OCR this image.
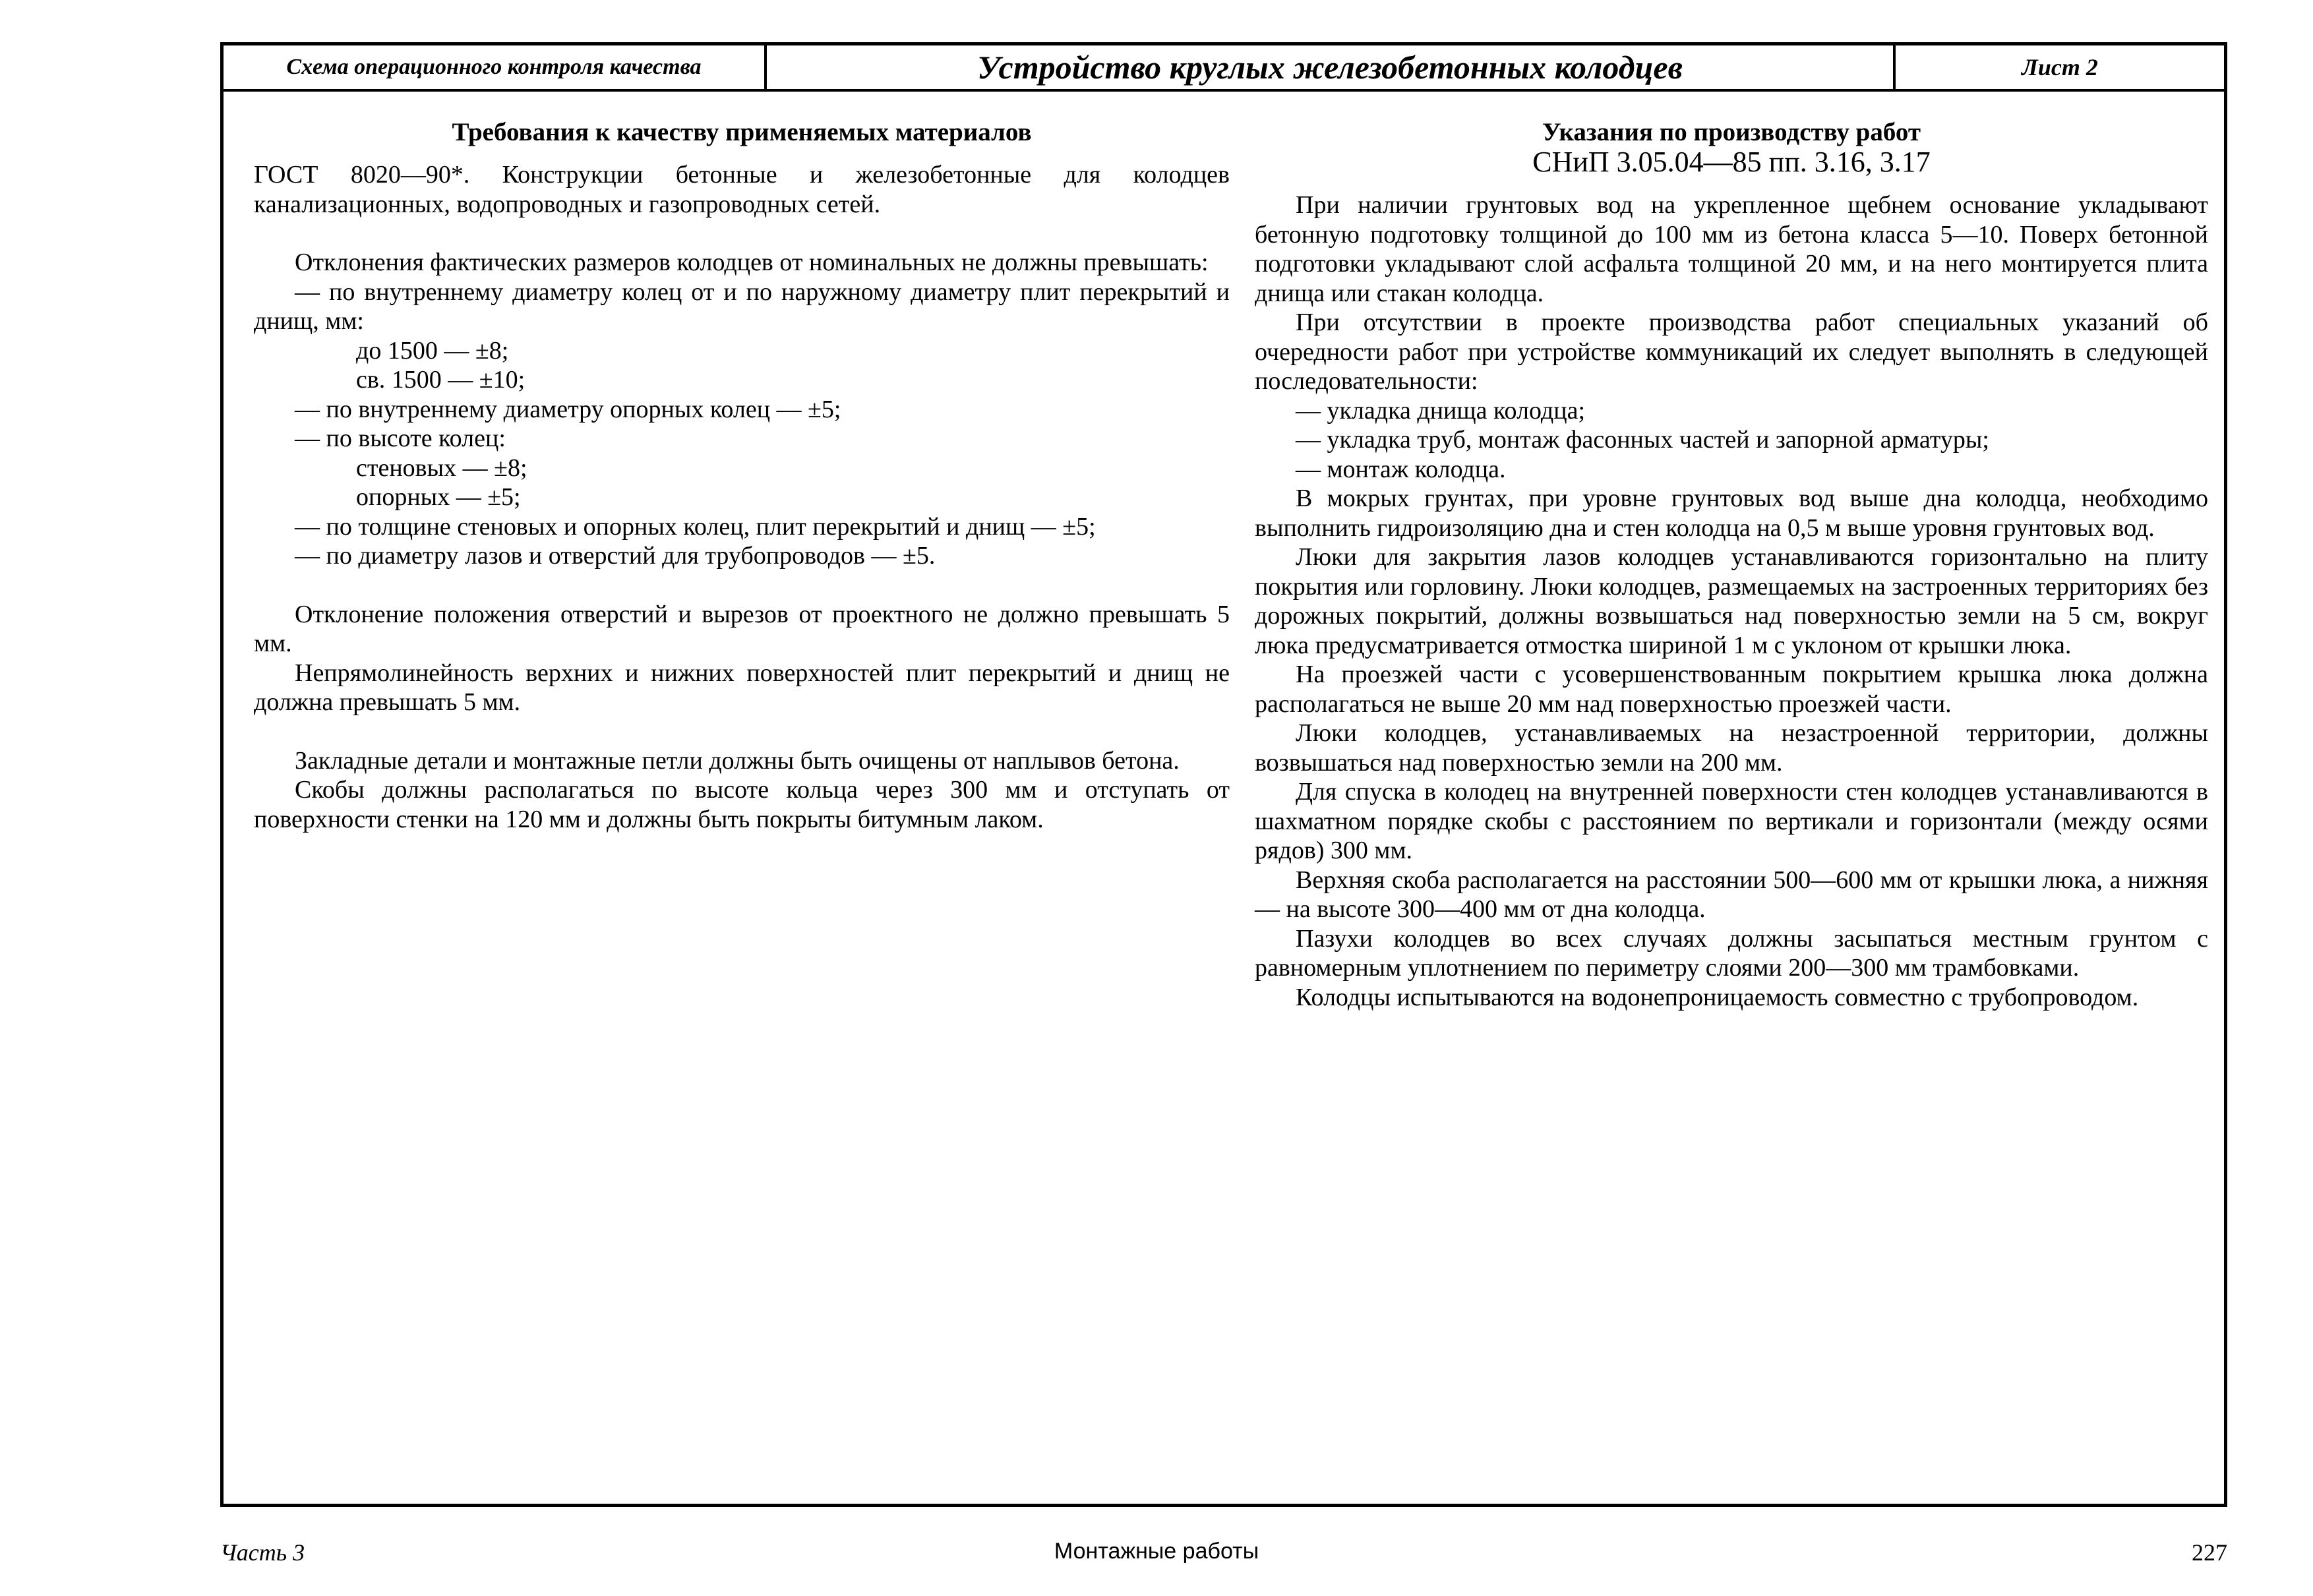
Схема операционного контроля качества	Устройство круглых железобетонных колодцев	Лист 2
Требования к качеству применяемых материалов

ГОСТ 8020—90*. Конструкции бетонные и железобетонные для колодцев канализационных, водопроводных и газопроводных сетей.

Отклонения фактических размеров колодцев от номинальных не должны превышать:

— по внутреннему диаметру колец от и по наружному диаметру плит перекрытий и днищ, мм:

до 1500 — ±8;

св. 1500 — ±10;

— по внутреннему диаметру опорных колец — ±5;

— по высоте колец:

стеновых — ±8;

опорных — ±5;

— по толщине стеновых и опорных колец, плит перекрытий и днищ — ±5;

— по диаметру лазов и отверстий для трубопроводов — ±5.

Отклонение положения отверстий и вырезов от проектного не должно превышать 5 мм.

Непрямолинейность верхних и нижних поверхностей плит перекрытий и днищ не должна превышать 5 мм.

Закладные детали и монтажные петли должны быть очищены от наплывов бетона.

Скобы должны располагаться по высоте кольца через 300 мм и отступать от поверхности стенки на 120 мм и должны быть покрыты битумным лаком.

Указания по производству работ
СНиП 3.05.04—85 пп. 3.16, 3.17

При наличии грунтовых вод на укрепленное щебнем основание укладывают бетонную подготовку толщиной до 100 мм из бетона класса 5—10. Поверх бетонной подготовки укладывают слой асфальта толщиной 20 мм, и на него монтируется плита днища или стакан колодца.

При отсутствии в проекте производства работ специальных указаний об очередности работ при устройстве коммуникаций их следует выполнять в следующей последовательности:

— укладка днища колодца;

— укладка труб, монтаж фасонных частей и запорной арматуры;

— монтаж колодца.

В мокрых грунтах, при уровне грунтовых вод выше дна колодца, необходимо выполнить гидроизоляцию дна и стен колодца на 0,5 м выше уровня грунтовых вод.

Люки для закрытия лазов колодцев устанавливаются горизонтально на плиту покрытия или горловину. Люки колодцев, размещаемых на застроенных территориях без дорожных покрытий, должны возвышаться над поверхностью земли на 5 см, вокруг люка предусматривается отмостка шириной 1 м с уклоном от крышки люка.

На проезжей части с усовершенствованным покрытием крышка люка должна располагаться не выше 20 мм над поверхностью проезжей части.

Люки колодцев, устанавливаемых на незастроенной территории, должны возвышаться над поверхностью земли на 200 мм.

Для спуска в колодец на внутренней поверхности стен колодцев устанавливаются в шахматном порядке скобы с расстоянием по вертикали и горизонтали (между осями рядов) 300 мм.

Верхняя скоба располагается на расстоянии 500—600 мм от крышки люка, а нижняя — на высоте 300—400 мм от дна колодца.

Пазухи колодцев во всех случаях должны засыпаться местным грунтом с равномерным уплотнением по периметру слоями 200—300 мм трамбовками.

Колодцы испытываются на водонепроницаемость совместно с трубопроводом.

Часть 3	Монтажные работы	227
